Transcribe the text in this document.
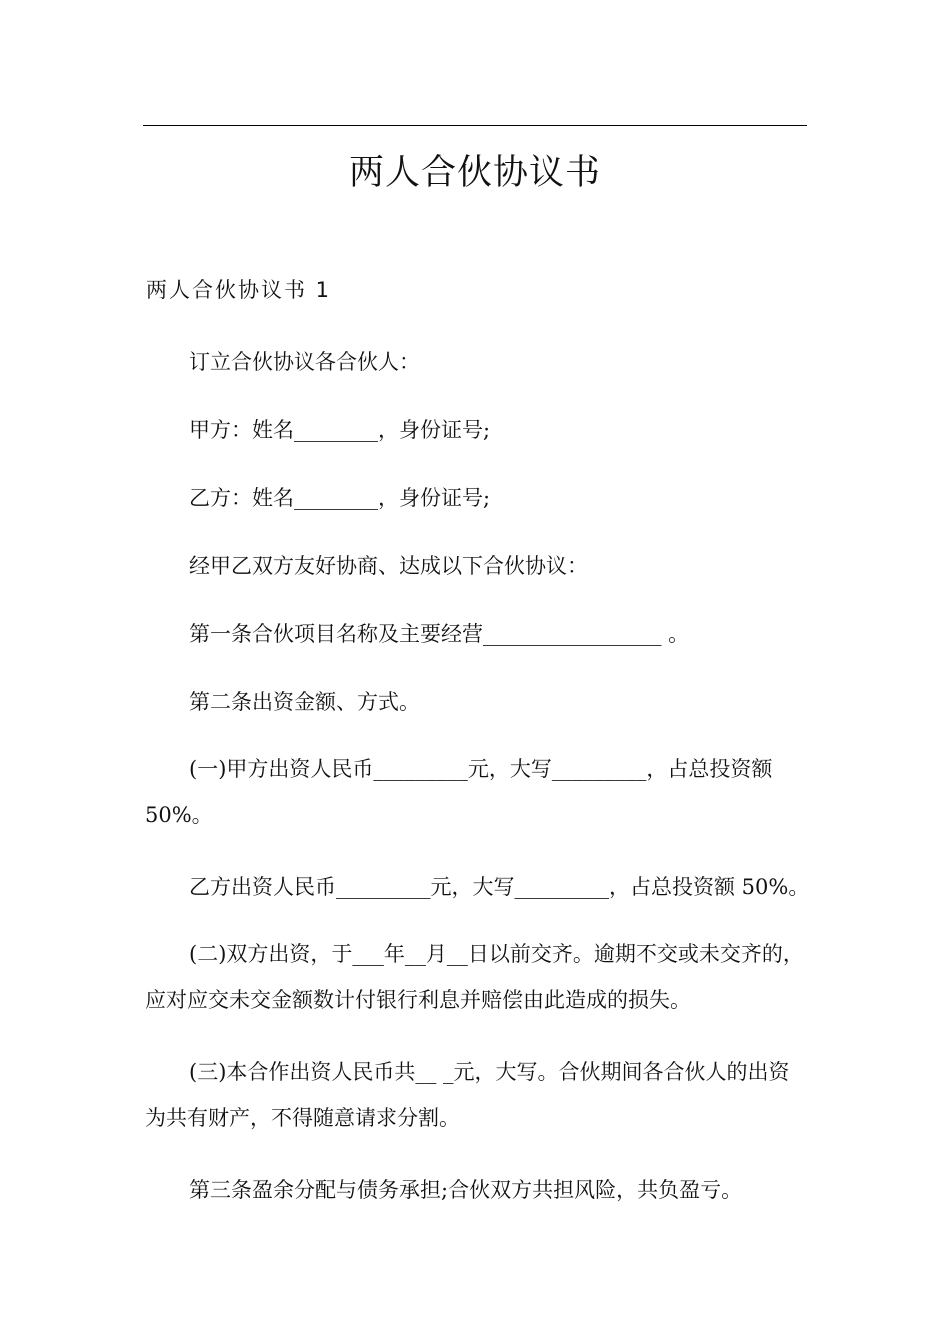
两人合伙协议书
两人合伙协议书 1

订立合伙协议各合伙人：

甲方：姓名________，身份证号;

乙方：姓名________，身份证号;

经甲乙双方友好协商、达成以下合伙协议：

第一条合伙项目名称及主要经营_________________ 。

第二条出资金额、方式。

(一)甲方出资人民币_________元，大写_________，占总投资额50%。

乙方出资人民币_________元，大写_________，占总投资额 50%。

(二)双方出资，于___年__月__日以前交齐。逾期不交或未交齐的，应对应交未交金额数计付银行利息并赔偿由此造成的损失。

(三)本合作出资人民币共__ _元，大写。合伙期间各合伙人的出资为共有财产，不得随意请求分割。

第三条盈余分配与债务承担;合伙双方共担风险，共负盈亏。
